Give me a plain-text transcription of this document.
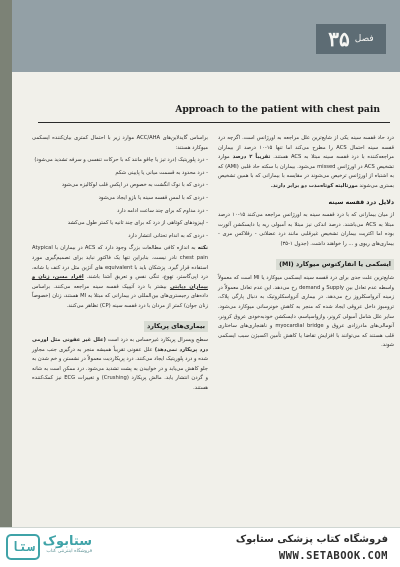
۳۵ فصل
Approach to the patient with chest pain

درد حاد قفسه سینه یکی از شایع‌ترین علل مراجعه به اورژانس است. اگرچه درد قفسه سینه احتمال ACS را مطرح می‌کند اما تنها ۱۵-۱۰ درصد از بیماران مراجعه‌کننده با درد قفسه سینه مبتلا به ACS هستند. تقریباً ۲ درصد موارد تشخیص ACS در اورژانس missed می‌شود. بیماران با سکته حاد قلبی (AMI) که به اشتباه از اورژانس ترخیص می‌شوند در مقایسه با بیمارانی که با همین تشخیص بستری می‌شوند مورتالیته کوتاه‌مدت دو برابر دارند.

دلایل درد قفسه سینه

از میان بیمارانی که با درد قفسه سینه به اورژانس مراجعه می‌کنند ۱۵-۱۰ درصد مبتلا به ACS می‌باشند. درصد اندکی نیز مبتلا به آمبولی ریه یا دایسکشن آئورت بوده اما اکثریت بیماران تشخیص غیرقلبی مانند درد عضلانی - رفلاکس مری - بیماری‌های ریوی و ... را خواهند داشت. (جدول ۱-۳۵)

ایسکمی یا انفارکتوس میوکارد (MI)

شایع‌ترین علت جدی برای درد قفسه سینه ایسکمی میوکارد یا MI است که معمولاً واسطه عدم تعادل بین Supply و demand رخ می‌دهد. این عدم تعادل معمولاً در زمینه آترواسکلروز رخ می‌دهد. در بیماری آترواسکلروتیک به دنبال پارگی پلاک، ترومبوز داخل عروقی ایجاد شده که منجر به کاهش خونرسانی میوکارد می‌شود. سایر علل شامل آمبولی کرونر، وازواسپاسم، دایسکشن خودبه‌خودی عروق کرونر، آنومالی‌های مادرزادی عروق و myocardial bridge و ناهنجاری‌های ساختاری قلب هستند که می‌توانند با افزایش تقاضا یا کاهش تأمین اکسیژن سبب ایسکمی شوند.

براساس گایدلاین‌های ACC/AHA موارد زیر با احتمال کمتری بیان‌کننده ایسکمی میوکارد هستند:

- درد پلوریتیک (درد تیز یا چاقو مانند که با حرکات تنفسی و سرفه تشدید می‌شود)

- درد محدود به قسمت میانی یا پایینی شکم

- دردی که با نوک انگشت به خصوص در اپکس قلب لوکالیزه می‌شود

- دردی که با لمس قفسه سینه یا بازو ایجاد می‌شود

- درد مداوم که برای چند ساعت ادامه دارد

- اپیزودهای کوتاهی از درد که برای چند ثانیه یا کمتر طول می‌کشد

- دردی که به اندام تحتانی انتشار دارد

نکته به اندازه کافی مطالعات بزرگ وجود دارد که ACS در بیماران با Atypical chest pain نادر نیست. بنابراین تنها یک فاکتور نباید برای تصمیم‌گیری مورد استفاده قرار گیرد. پزشکان باید با equivalent های آنژین مثل درد کتف یا شانه، درد اپی‌گاستر، تهوع، تنگی نفس و تعریق آشنا باشند. افراد مسن، زنان و بیماران دیابتی بیشتر با درد آتیپیک قفسه سینه مراجعه می‌کنند. براساس داده‌های رجیستری‌های بین‌المللی در بیمارانی که مبتلا به MI هستند، زنان (خصوصاً زنان جوان) کمتر از مردان با درد قفسه سینه (CP) تظاهر می‌کنند.

بیماری‌های پریکارد

سطح ویسرال پریکارد غیرحساس به درد است (علل غیر عفونی مثل اورمی درد پریکارد نمی‌دهد) علل عفونی تقریباً همیشه منجر به درگیری جنب مجاور شده و درد پلوریتیک ایجاد می‌کنند. درد پریکاردیت معمولاً در نشستن و خم شدن به جلو کاهش می‌یابد و در خوابیدن به پشت تشدید می‌شود. درد ممکن است به شانه و گردن انتشار یابد. مالش پریکارد (Crushing) و تغییرات ECG نیز کمک‌کننده هستند.

ستا ستابوک
فروشگاه اینترنتی کتاب
فروشگاه کتاب پزشکی ستابوک
WWW.SETABOOK.COM
